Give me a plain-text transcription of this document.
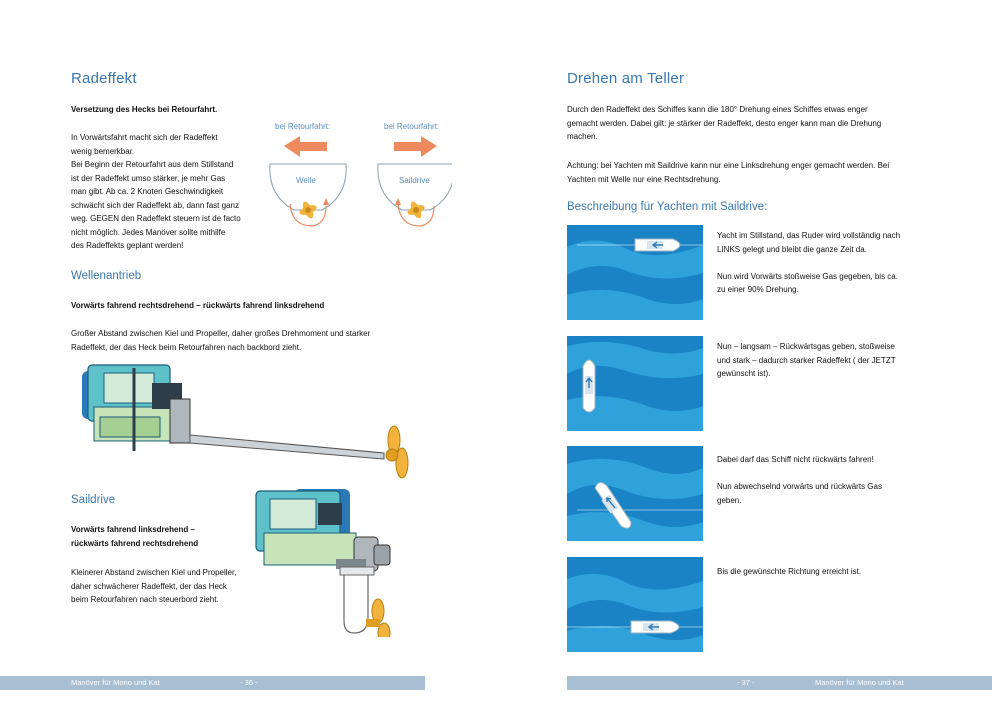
Radeffekt
Versetzung des Hecks bei Retourfahrt.
In Vorwärtsfahrt macht sich der Radeffekt
wenig bemerkbar.
Bei Beginn der Retourfahrt aus dem Stillstand
ist der Radeffekt umso stärker, je mehr Gas
man gibt. Ab ca. 2 Knoten Geschwindigkeit
schwächt sich der Radeffekt ab, dann fast ganz
weg. GEGEN den Radeffekt steuern ist de facto
nicht möglich. Jedes Manöver sollte mithilfe
des Radeffekts geplant werden!
bei Retourfahrt:	bei Retourfahrt:
Welle	Saildrive
Wellenantrieb
Vorwärts fahrend rechtsdrehend – rückwärts fahrend linksdrehend
Großer Abstand zwischen Kiel und Propeller, daher großes Drehmoment und starker
Radeffekt, der das Heck beim Retourfahren nach backbord zieht.
Saildrive
Vorwärts fahrend linksdrehend –
rückwärts fahrend rechtsdrehend
Kleinerer Abstand zwischen Kiel und Propeller,
daher schwächerer Radeffekt, der das Heck
beim Retourfahren nach steuerbord zieht.
Manöver für Mono und Kat	- 36 -
Drehen am Teller
Durch den Radeffekt des Schiffes kann die 180° Drehung eines Schiffes etwas enger
gemacht werden. Dabei gilt: je stärker der Radeffekt, desto enger kann man die Drehung
machen.
Achtung: bei Yachten mit Saildrive kann nur eine Linksdrehung enger gemacht werden. Bei
Yachten mit Welle nur eine Rechtsdrehung.
Beschreibung für Yachten mit Saildrive:
Yacht im Stillstand, das Ruder wird vollständig nach
LINKS gelegt und bleibt die ganze Zeit da.
Nun wird Vorwärts stoßweise Gas gegeben, bis ca.
zu einer 90% Drehung.
Nun – langsam – Rückwärtsgas geben, stoßweise
und stark – dadurch starker Radeffekt ( der JETZT
gewünscht ist).
Dabei darf das Schiff nicht rückwärts fahren!
Nun abwechselnd vorwärts und rückwärts Gas
geben.
Bis die gewünschte Richtung erreicht ist.
- 37 -	Manöver für Mono und Kat
